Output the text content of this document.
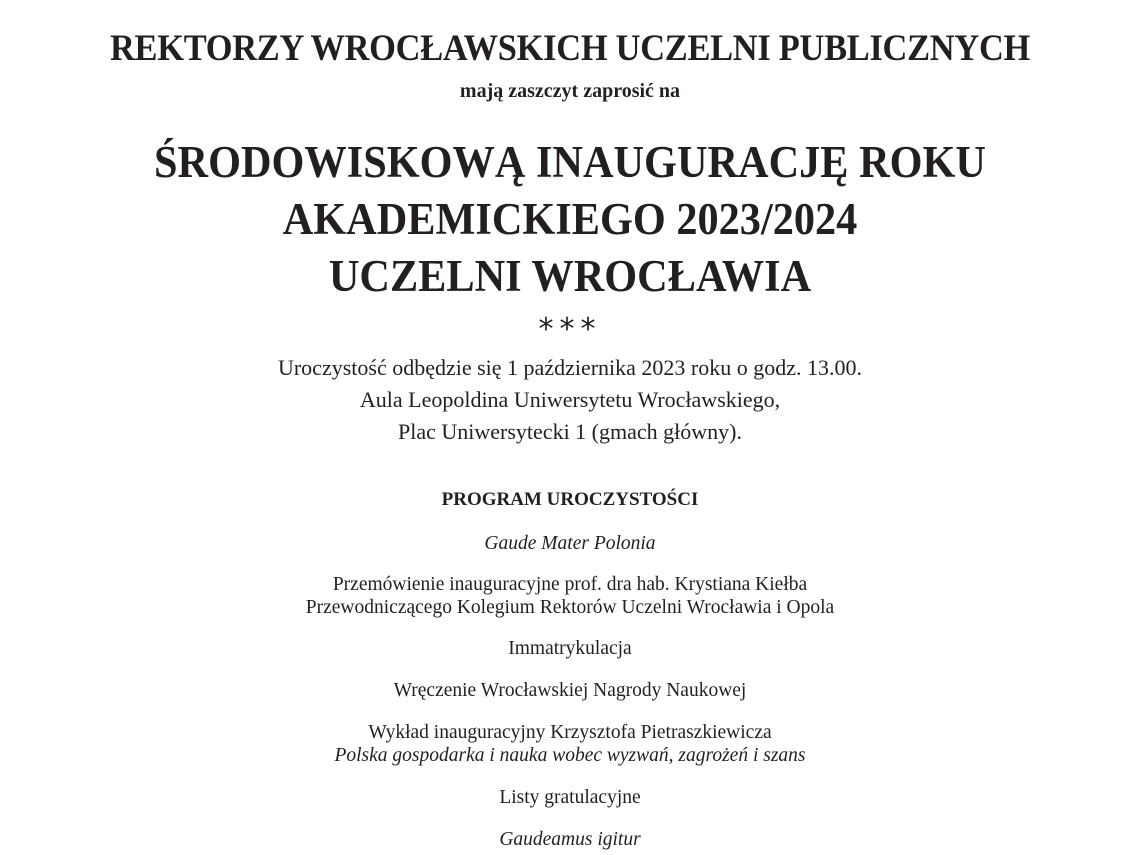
REKTORZY WROCŁAWSKICH UCZELNI PUBLICZNYCH
mają zaszczyt zaprosić na
ŚRODOWISKOWĄ INAUGURACJĘ ROKU
AKADEMICKIEGO 2023/2024
UCZELNI WROCŁAWIA
***
Uroczystość odbędzie się 1 października 2023 roku o godz. 13.00.
Aula Leopoldina Uniwersytetu Wrocławskiego,
Plac Uniwersytecki 1 (gmach główny).
PROGRAM UROCZYSTOŚCI
Gaude Mater Polonia
Przemówienie inauguracyjne prof. dra hab. Krystiana Kiełba
Przewodniczącego Kolegium Rektorów Uczelni Wrocławia i Opola
Immatrykulacja
Wręczenie Wrocławskiej Nagrody Naukowej
Wykład inauguracyjny Krzysztofa Pietraszkiewicza
Polska gospodarka i nauka wobec wyzwań, zagrożeń i szans
Listy gratulacyjne
Gaudeamus igitur
